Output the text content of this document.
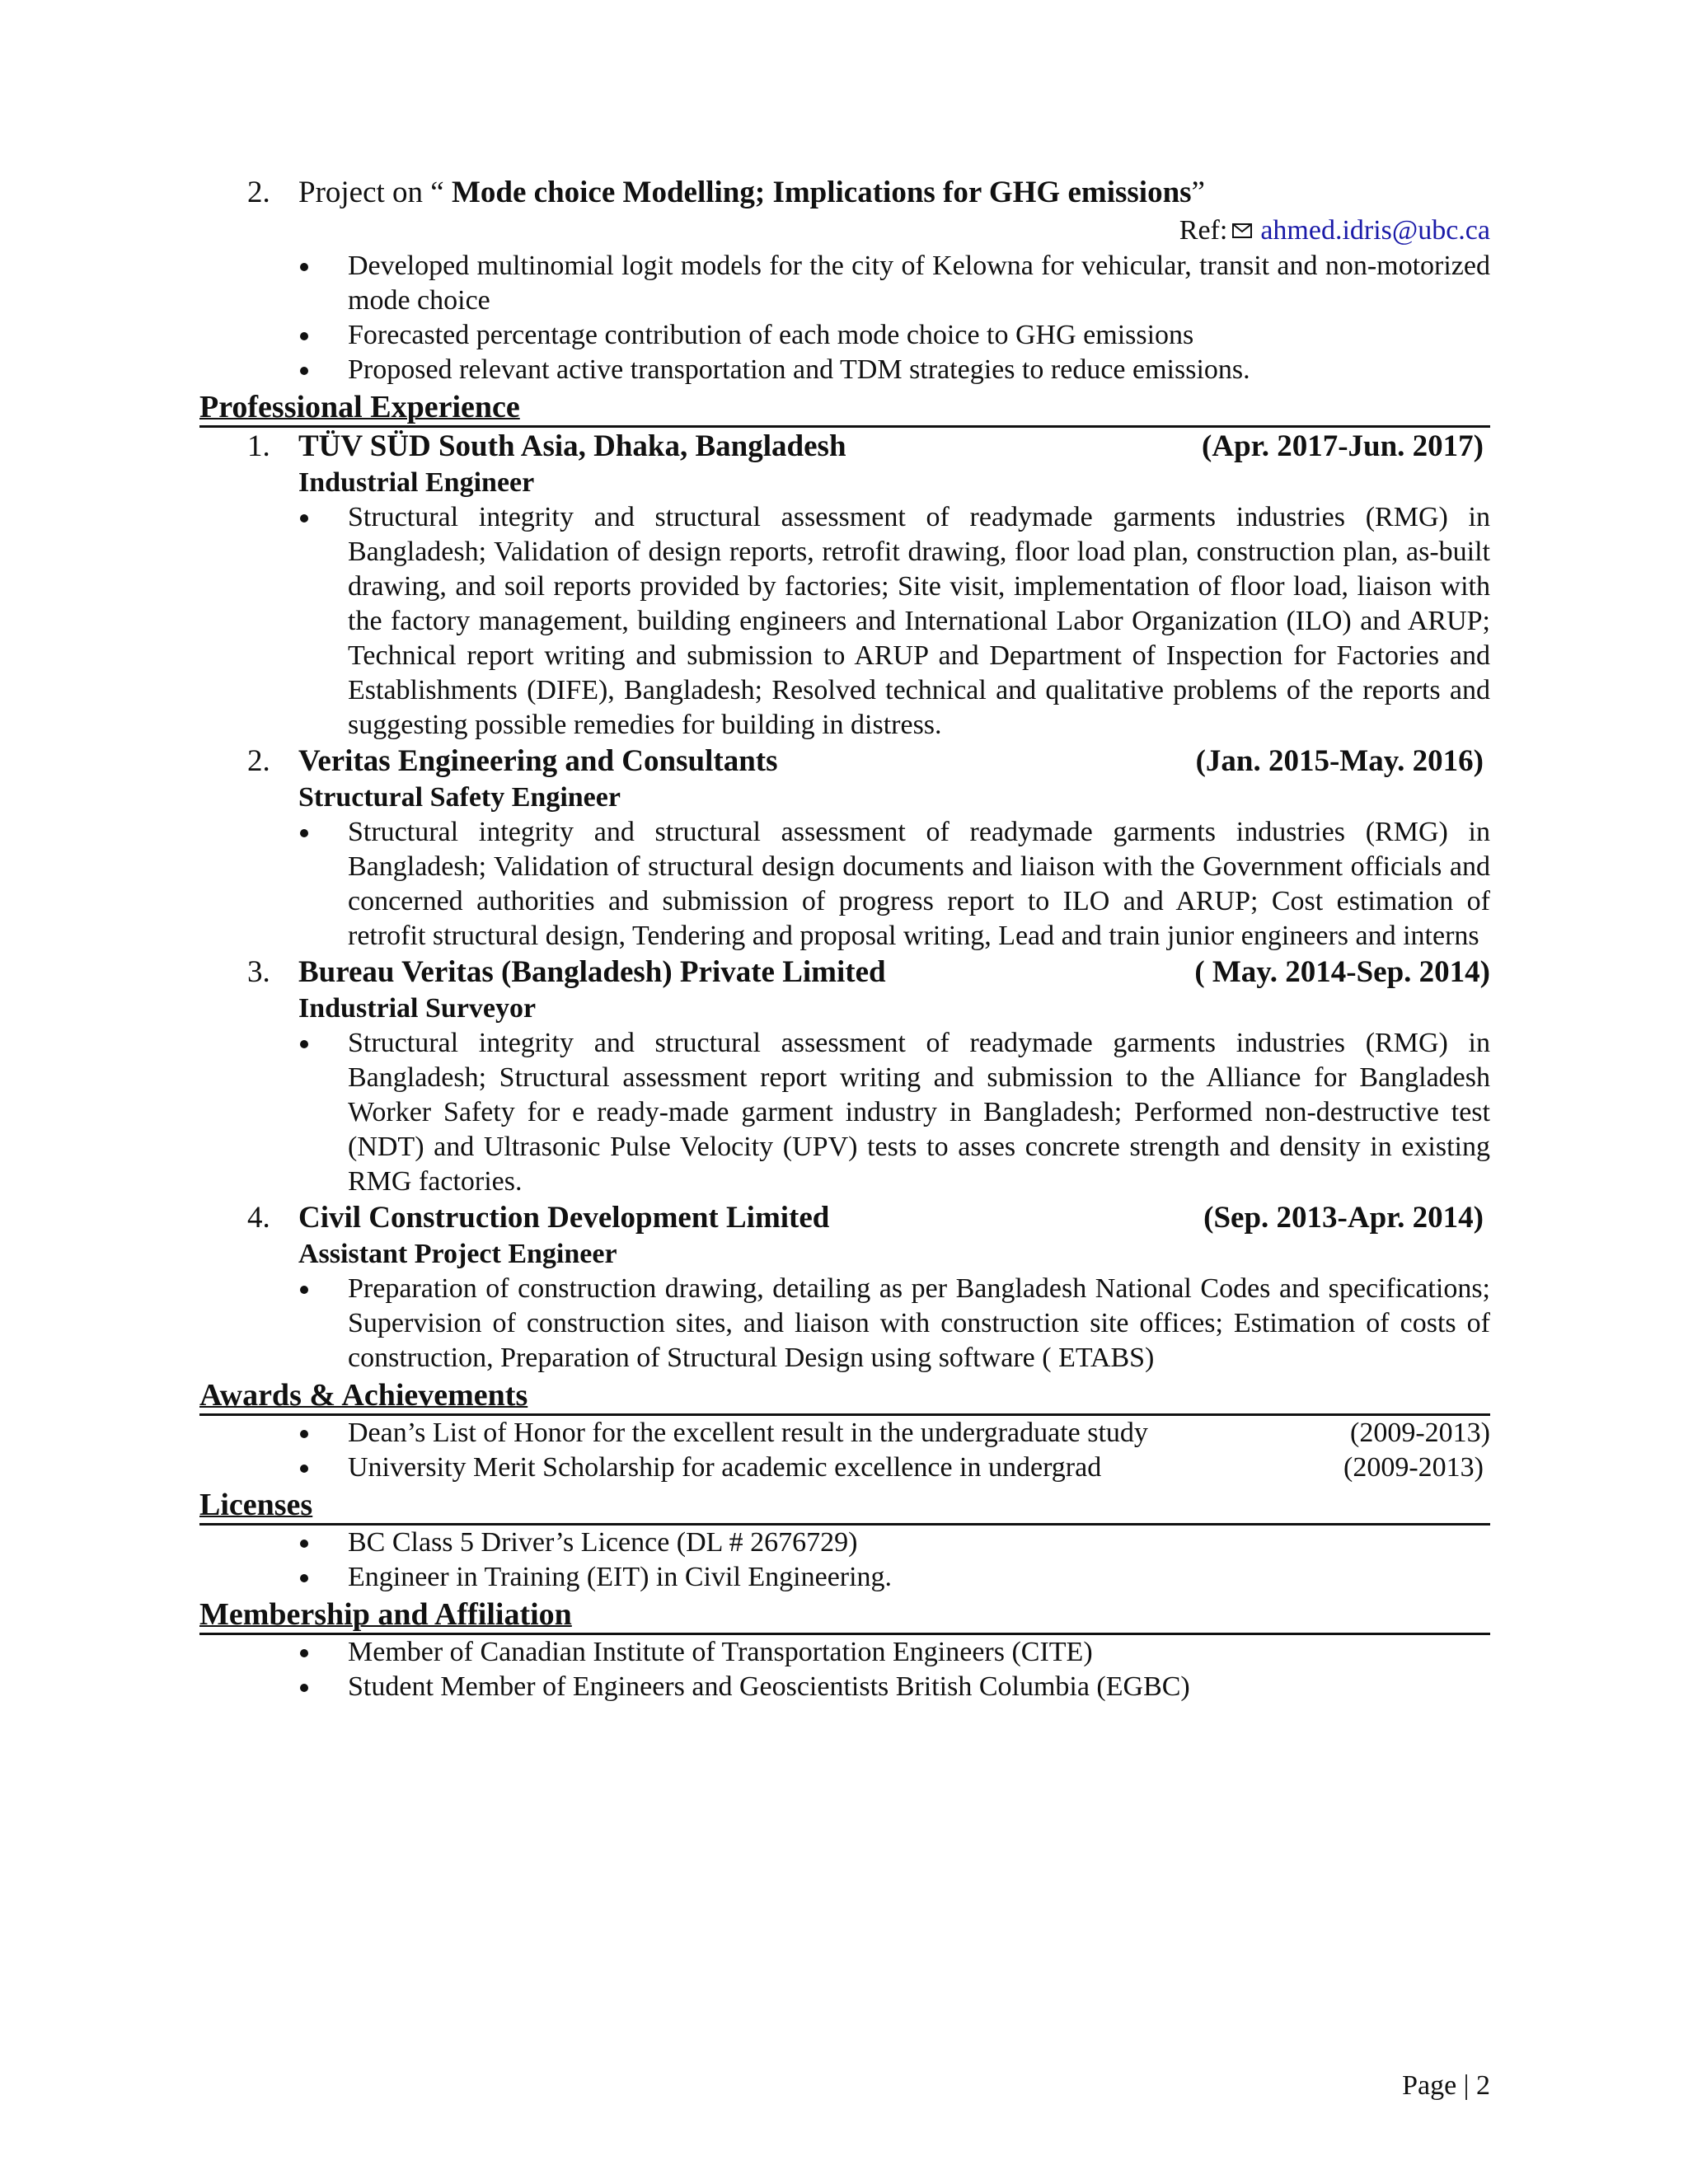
2. Project on “ Mode choice Modelling; Implications for GHG emissions”
Ref: ahmed.idris@ubc.ca
Developed multinomial logit models for the city of Kelowna for vehicular, transit and non-motorized mode choice
Forecasted percentage contribution of each mode choice to GHG emissions
Proposed relevant active transportation and TDM strategies to reduce emissions.
Professional Experience
1. TÜV SÜD South Asia, Dhaka, Bangladesh	(Apr. 2017-Jun. 2017)
Industrial Engineer
Structural integrity and structural assessment of readymade garments industries (RMG) in Bangladesh; Validation of design reports, retrofit drawing, floor load plan, construction plan, as-built drawing, and soil reports provided by factories; Site visit, implementation of floor load, liaison with the factory management, building engineers and International Labor Organization (ILO) and ARUP; Technical report writing and submission to ARUP and Department of Inspection for Factories and Establishments (DIFE), Bangladesh; Resolved technical and qualitative problems of the reports and suggesting possible remedies for building in distress.
2. Veritas Engineering and Consultants	(Jan. 2015-May. 2016)
Structural Safety Engineer
Structural integrity and structural assessment of readymade garments industries (RMG) in Bangladesh; Validation of structural design documents and liaison with the Government officials and concerned authorities and submission of progress report to ILO and ARUP; Cost estimation of retrofit structural design, Tendering and proposal writing, Lead and train junior engineers and interns
3. Bureau Veritas (Bangladesh) Private Limited	( May. 2014-Sep. 2014)
Industrial Surveyor
Structural integrity and structural assessment of readymade garments industries (RMG) in Bangladesh; Structural assessment report writing and submission to the Alliance for Bangladesh Worker Safety for e ready-made garment industry in Bangladesh; Performed non-destructive test (NDT) and Ultrasonic Pulse Velocity (UPV) tests to asses concrete strength and density in existing RMG factories.
4. Civil Construction Development Limited	(Sep. 2013-Apr. 2014)
Assistant Project Engineer
Preparation of construction drawing, detailing as per Bangladesh National Codes and specifications; Supervision of construction sites, and liaison with construction site offices; Estimation of costs of construction, Preparation of Structural Design using software ( ETABS)
Awards & Achievements
Dean’s List of Honor for the excellent result in the undergraduate study	(2009-2013)
University Merit Scholarship for academic excellence in undergrad	(2009-2013)
Licenses
BC Class 5 Driver’s Licence (DL # 2676729)
Engineer in Training (EIT) in Civil Engineering.
Membership and Affiliation
Member of Canadian Institute of Transportation Engineers (CITE)
Student Member of Engineers and Geoscientists British Columbia (EGBC)
Page | 2
